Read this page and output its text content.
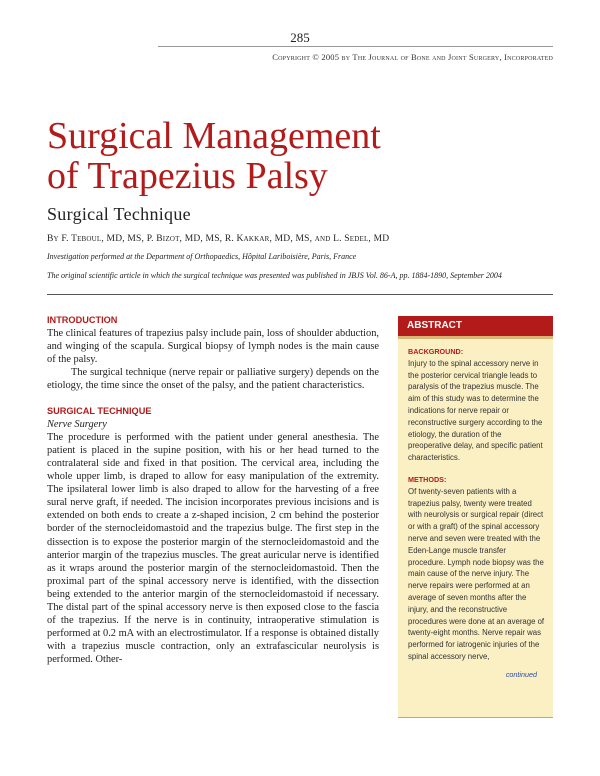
285
Copyright © 2005 by The Journal of Bone and Joint Surgery, Incorporated
Surgical Management
of Trapezius Palsy
Surgical Technique
By F. Teboul, MD, MS, P. Bizot, MD, MS, R. Kakkar, MD, MS, and L. Sedel, MD
Investigation performed at the Department of Orthopaedics, Hôpital Lariboisière, Paris, France
The original scientific article in which the surgical technique was presented was published in JBJS Vol. 86-A, pp. 1884-1890, September 2004
INTRODUCTION

The clinical features of trapezius palsy include pain, loss of shoulder abduction, and winging of the scapula. Surgical biopsy of lymph nodes is the main cause of the palsy.

The surgical technique (nerve repair or palliative surgery) depends on the etiology, the time since the onset of the palsy, and the patient characteristics.

SURGICAL TECHNIQUE
Nerve Surgery

The procedure is performed with the patient under general anesthesia. The patient is placed in the supine position, with his or her head turned to the contralateral side and fixed in that position. The cervical area, including the whole upper limb, is draped to allow for easy manipulation of the extremity. The ipsilateral lower limb is also draped to allow for the harvesting of a free sural nerve graft, if needed. The incision incorporates previous incisions and is extended on both ends to create a z-shaped incision, 2 cm behind the posterior border of the sternocleidomastoid and the trapezius bulge. The first step in the dissection is to expose the posterior margin of the sternocleidomastoid and the anterior margin of the trapezius muscles. The great auricular nerve is identified as it wraps around the posterior margin of the sternocleidomastoid. Then the proximal part of the spinal accessory nerve is identified, with the dissection being extended to the anterior margin of the sternocleidomastoid if necessary. The distal part of the spinal accessory nerve is then exposed close to the fascia of the trapezius. If the nerve is in continuity, intraoperative stimulation is performed at 0.2 mA with an electrostimulator. If a response is obtained distally with a trapezius muscle contraction, only an extrafascicular neurolysis is performed. Other-

ABSTRACT
BACKGROUND:

Injury to the spinal accessory nerve in the posterior cervical triangle leads to paralysis of the trapezius muscle. The aim of this study was to determine the indications for nerve repair or reconstructive surgery according to the etiology, the duration of the preoperative delay, and specific patient characteristics.

METHODS:

Of twenty-seven patients with a trapezius palsy, twenty were treated with neurolysis or surgical repair (direct or with a graft) of the spinal accessory nerve and seven were treated with the Eden-Lange muscle transfer procedure. Lymph node biopsy was the main cause of the nerve injury. The nerve repairs were performed at an average of seven months after the injury, and the reconstructive procedures were done at an average of twenty-eight months. Nerve repair was performed for iatrogenic injuries of the spinal accessory nerve,

continued
